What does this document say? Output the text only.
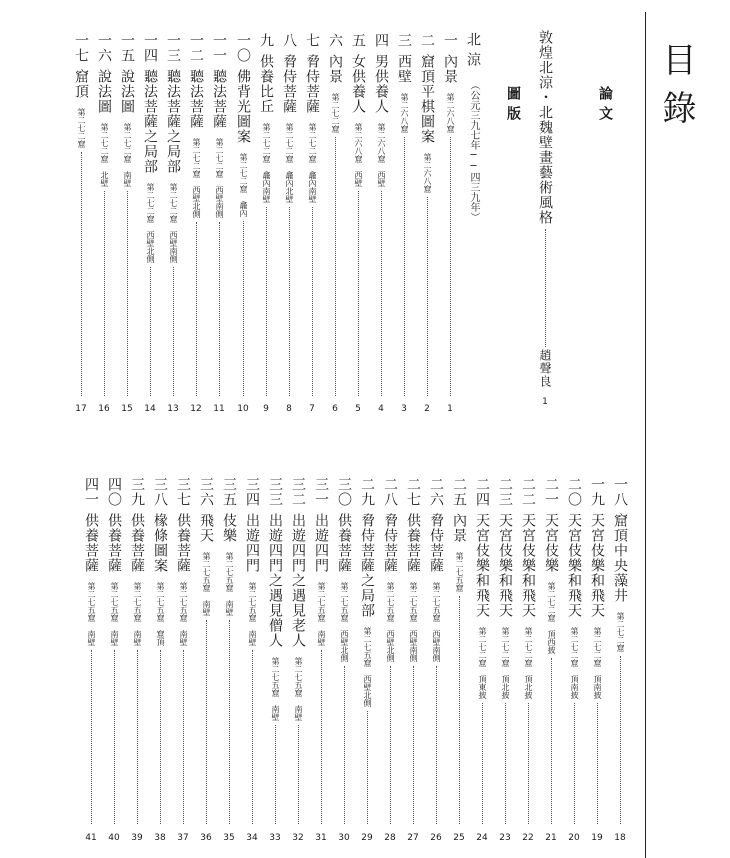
目錄
論文
敦煌北涼・北魏壁畫藝術風格
趙聲良
1
圖版
北涼
（公元三九七年──四三九年）
一
內景
第二六八窟
1
二
窟頂平棋圖案
第二六八窟
2
三
西壁
第二六八窟
3
四
男供養人
第二六八窟　西壁
4
五
女供養人
第二六八窟　西壁
5
六
內景
第二七二窟
6
七
脅侍菩薩
第二七二窟　龕內南壁
7
八
脅侍菩薩
第二七二窟　龕內北壁
8
九
供養比丘
第二七二窟　龕內南壁
9
一〇
佛背光圖案
第二七二窟　龕內
10
一一
聽法菩薩
第二七二窟　西壁南側
11
一二
聽法菩薩
第二七二窟　西壁北側
12
一三
聽法菩薩之局部
第二七二窟　西壁南側
13
一四
聽法菩薩之局部
第二七二窟　西壁北側
14
一五
說法圖
第二七二窟　南壁
15
一六
說法圖
第二七二窟　北壁
16
一七
窟頂
第二七二窟
17
一八
窟頂中央藻井
第二七二窟
18
一九
天宮伎樂和飛天
第二七二窟　頂南披
19
二〇
天宮伎樂和飛天
第二七二窟　頂南披
20
二一
天宮伎樂
第二七二窟　頂西披
21
二二
天宮伎樂和飛天
第二七二窟　頂北披
22
二三
天宮伎樂和飛天
第二七二窟　頂北披
23
二四
天宮伎樂和飛天
第二七二窟　頂東披
24
二五
內景
第二七五窟
25
二六
脅侍菩薩
第二七五窟　西壁南側
26
二七
供養菩薩
第二七五窟　西壁南側
27
二八
脅侍菩薩
第二七五窟　西壁北側
28
二九
脅侍菩薩之局部
第二七五窟　西壁北側
29
三〇
供養菩薩
第二七五窟　西壁北側
30
三一
出遊四門
第二七五窟　南壁
31
三二
出遊四門之遇見老人
第二七五窟　南壁
32
三三
出遊四門之遇見僧人
第二七五窟　南壁
33
三四
出遊四門
第二七五窟　南壁
34
三五
伎樂
第二七五窟　南壁
35
三六
飛天
第二七五窟　南壁
36
三七
供養菩薩
第二七五窟　南壁
37
三八
椽條圖案
第二七五窟　窟頂
38
三九
供養菩薩
第二七五窟　南壁
39
四〇
供養菩薩
第二七五窟　南壁
40
四一
供養菩薩
第二七五窟　南壁
41
